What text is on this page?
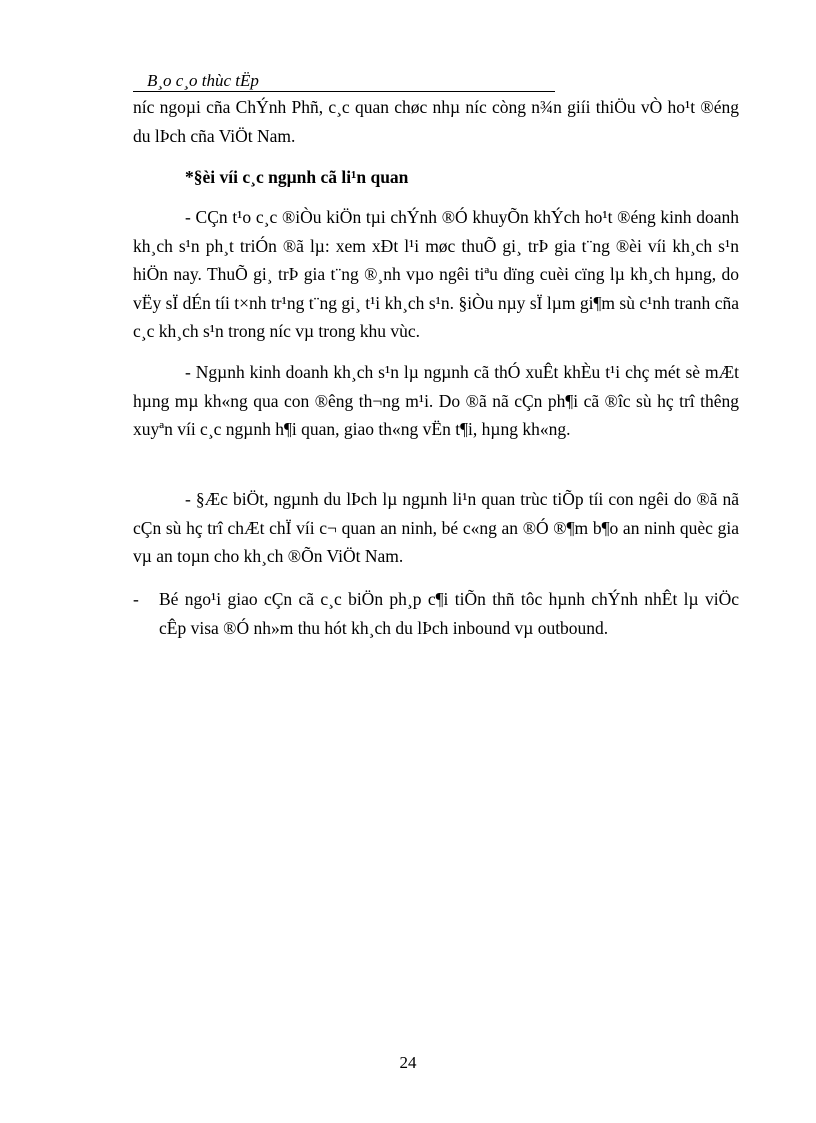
B¸o c¸o thùc tËp

níc ngoµi cña ChÝnh Phñ, c¸c quan chøc nhµ níc còng n¾n giíi thiÖu vÒ ho¹t ®éng du lÞch cña ViÖt Nam.

*§èi víi c¸c ngµnh cã li¹n quan

- CÇn t¹o c¸c ®iÒu kiÖn tµi chÝnh ®Ó khuyÕn khÝch ho¹t ®éng kinh doanh kh¸ch s¹n ph¸t triÓn ®ã lµ: xem xÐt l¹i møc thuÕ gi¸ trÞ gia t¨ng ®èi víi kh¸ch s¹n hiÖn nay. ThuÕ gi¸ trÞ gia t¨ng ®¸nh vµo ngêi tiªu dïng cuèi cïng lµ kh¸ch hµng, do vËy sÏ dÉn tíi t×nh tr¹ng t¨ng gi¸ t¹i kh¸ch s¹n. §iÒu nµy sÏ lµm gi¶m sù c¹nh tranh cña c¸c kh¸ch s¹n trong níc vµ trong khu vùc.

- Ngµnh kinh doanh kh¸ch s¹n lµ ngµnh cã thÓ xuÊt khÈu t¹i chç mét sè mÆt hµng mµ kh«ng qua con ®êng th¬ng m¹i. Do ®ã nã cÇn ph¶i cã ®îc sù hç trî thêng xuyªn víi c¸c ngµnh h¶i quan, giao th«ng vËn t¶i, hµng kh«ng.

- §Æc biÖt, ngµnh du lÞch lµ ngµnh li¹n quan trùc tiÕp tíi con ngêi do ®ã nã cÇn sù hç trî chÆt chÏ víi c¬ quan an ninh, bé c«ng an ®Ó ®¶m b¶o an ninh quèc gia vµ an toµn cho kh¸ch ®Õn ViÖt Nam.

-	Bé ngo¹i giao cÇn cã c¸c biÖn ph¸p c¶i tiÕn thñ tôc hµnh chÝnh nhÊt lµ viÖc cÊp visa ®Ó nh»m thu hót kh¸ch du lÞch inbound vµ outbound.

24
